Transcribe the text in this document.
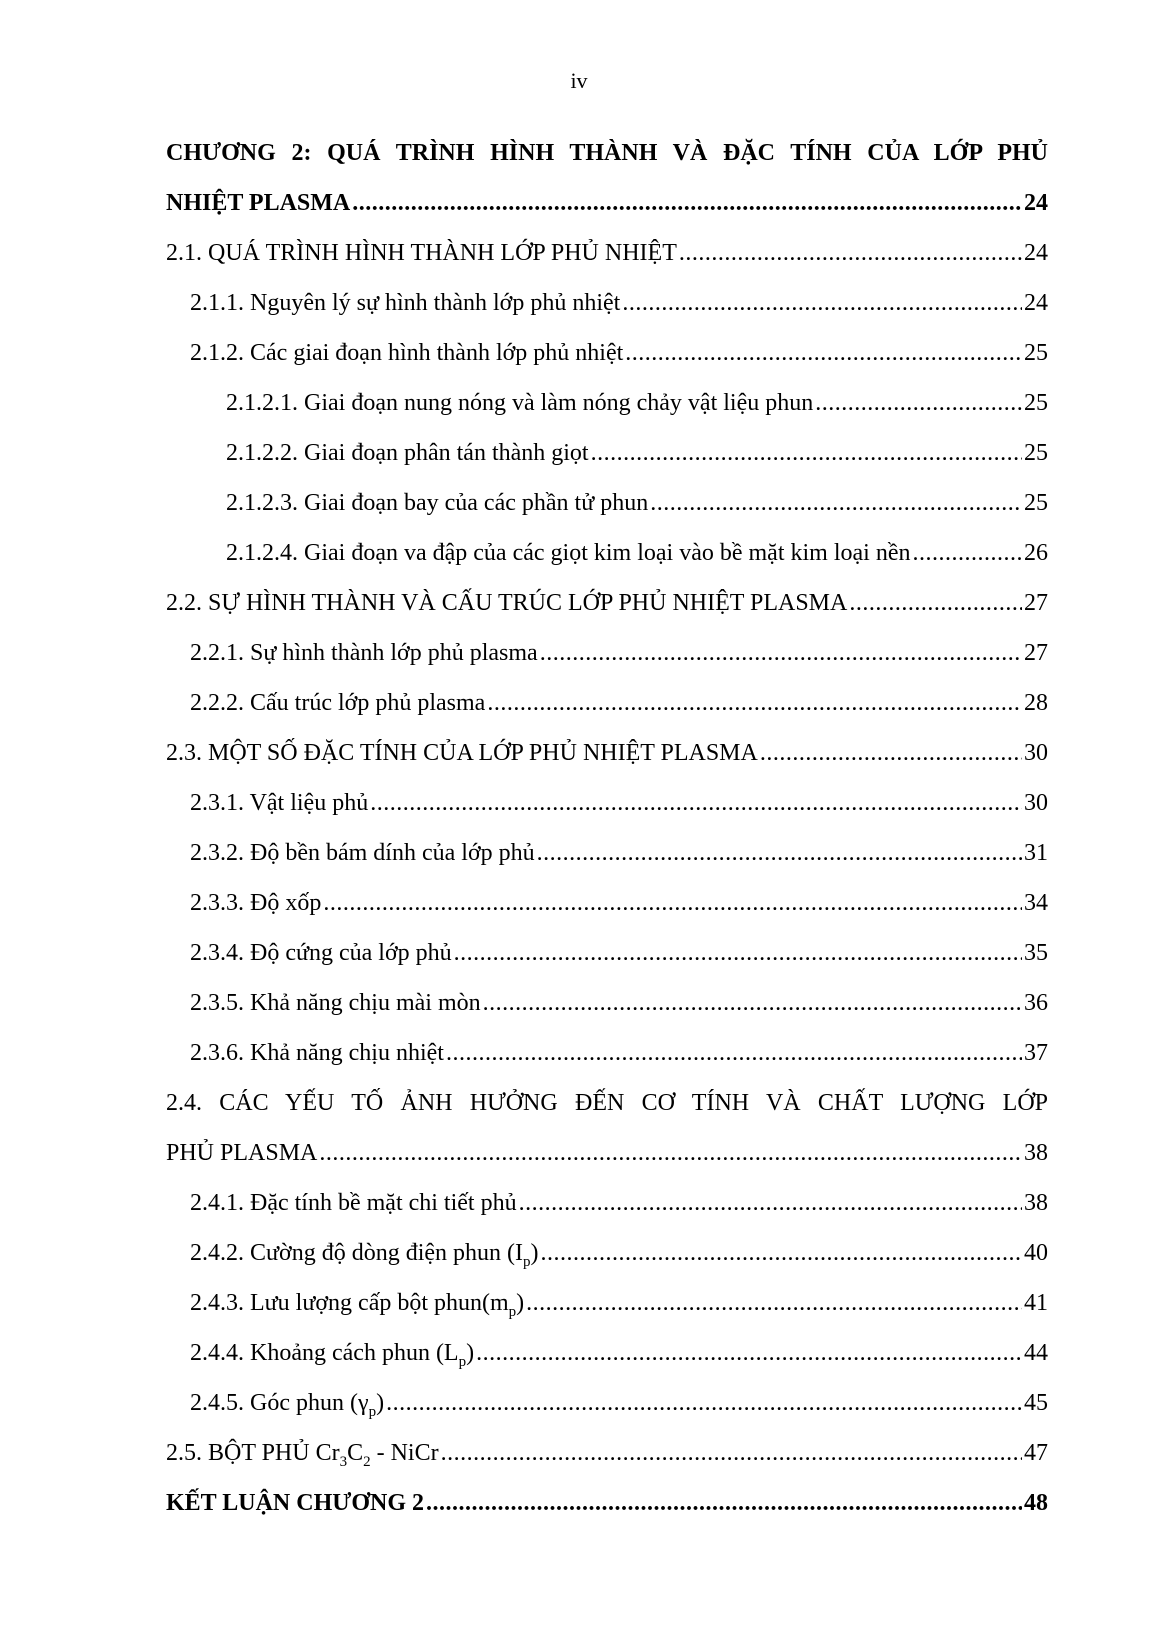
iv
CHƯƠNG 2: QUÁ TRÌNH HÌNH THÀNH VÀ ĐẶC TÍNH CỦA LỚP PHỦ
NHIỆT PLASMA .....	24
2.1. QUÁ TRÌNH HÌNH THÀNH LỚP PHỦ NHIỆT .....	24
2.1.1. Nguyên lý sự hình thành lớp phủ nhiệt .....	24
2.1.2. Các giai đoạn hình thành lớp phủ nhiệt .....	25
2.1.2.1. Giai đoạn nung nóng và làm nóng chảy vật liệu phun .....	25
2.1.2.2. Giai đoạn phân tán thành giọt .....	25
2.1.2.3. Giai đoạn bay của các phần tử phun .....	25
2.1.2.4. Giai đoạn va đập của các giọt kim loại vào bề mặt kim loại nền .....	26
2.2. SỰ HÌNH THÀNH VÀ CẤU TRÚC LỚP PHỦ NHIỆT PLASMA .....	27
2.2.1. Sự hình thành lớp phủ plasma .....	27
2.2.2. Cấu trúc lớp phủ plasma .....	28
2.3. MỘT SỐ ĐẶC TÍNH CỦA LỚP PHỦ NHIỆT PLASMA .....	30
2.3.1. Vật liệu phủ .....	30
2.3.2. Độ bền bám dính của lớp phủ .....	31
2.3.3. Độ xốp .....	34
2.3.4. Độ cứng của lớp phủ .....	35
2.3.5. Khả năng chịu mài mòn .....	36
2.3.6. Khả năng chịu nhiệt .....	37
2.4. CÁC YẾU TỐ ẢNH HƯỞNG ĐẾN CƠ TÍNH VÀ CHẤT LƯỢNG LỚP
PHỦ PLASMA .....	38
2.4.1. Đặc tính bề mặt chi tiết phủ .....	38
2.4.2. Cường độ dòng điện phun $(I_p)$ .....	40
2.4.3. Lưu lượng cấp bột $phun(m_p)$ .....	41
2.4.4. Khoảng cách phun $(L_p)$ .....	44
2.4.5. Góc phun $(\gamma_p)$ .....	45
2.5. BỘT PHỦ $Cr_3C_2$ - NiCr .....	47
KẾT LUẬN CHƯƠNG 2 .....	48
